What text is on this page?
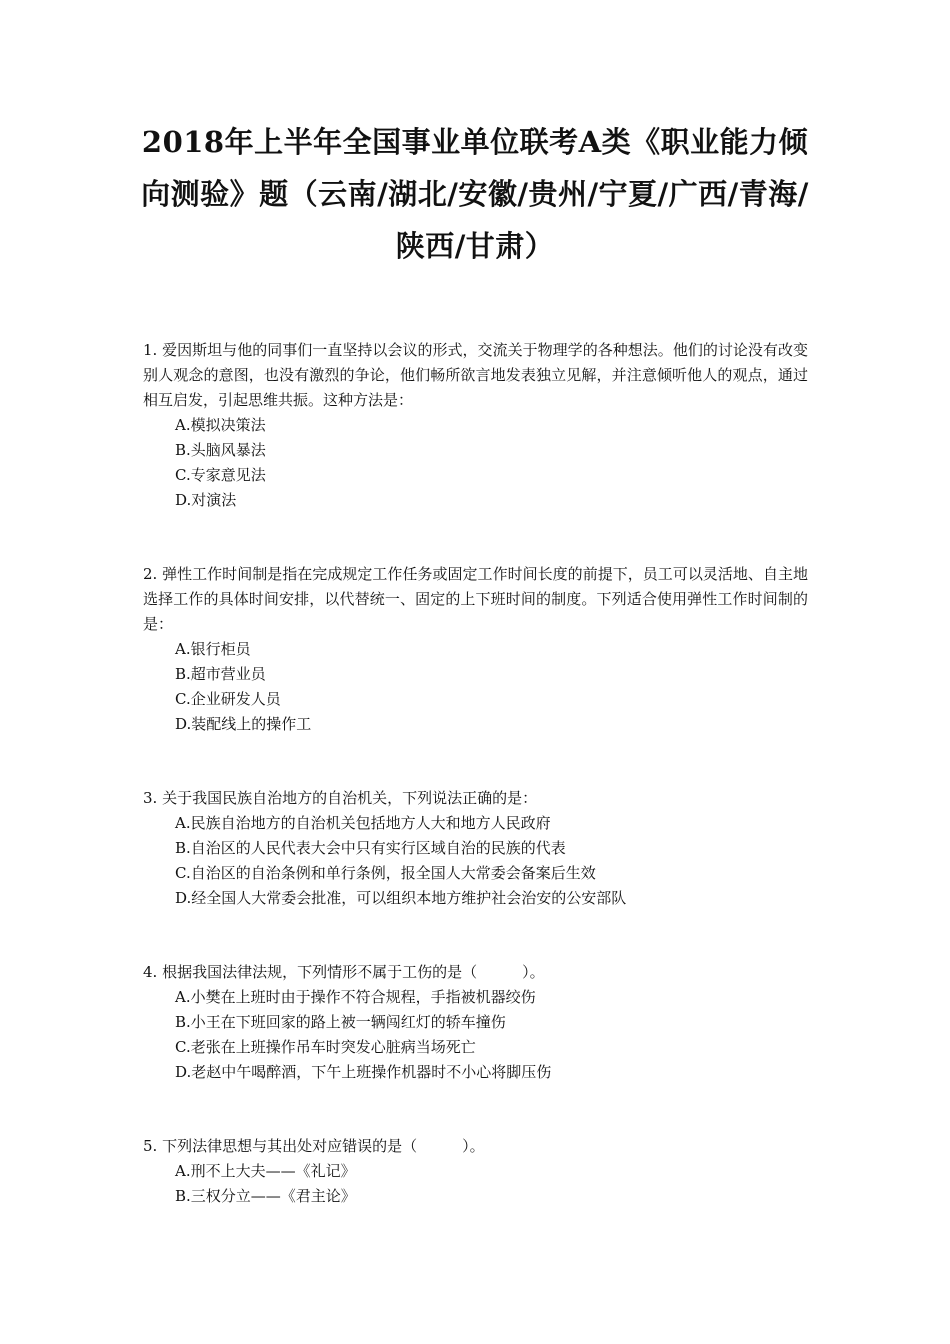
2018年上半年全国事业单位联考A类《职业能力倾向测验》题（云南/湖北/安徽/贵州/宁夏/广西/青海/陕西/甘肃）

1. 爱因斯坦与他的同事们一直坚持以会议的形式，交流关于物理学的各种想法。他们的讨论没有改变别人观念的意图，也没有激烈的争论，他们畅所欲言地发表独立见解，并注意倾听他人的观点，通过相互启发，引起思维共振。这种方法是：

A.模拟决策法

B.头脑风暴法

C.专家意见法

D.对演法

2. 弹性工作时间制是指在完成规定工作任务或固定工作时间长度的前提下，员工可以灵活地、自主地选择工作的具体时间安排，以代替统一、固定的上下班时间的制度。下列适合使用弹性工作时间制的是：

A.银行柜员

B.超市营业员

C.企业研发人员

D.装配线上的操作工

3. 关于我国民族自治地方的自治机关，下列说法正确的是：

A.民族自治地方的自治机关包括地方人大和地方人民政府

B.自治区的人民代表大会中只有实行区域自治的民族的代表

C.自治区的自治条例和单行条例，报全国人大常委会备案后生效

D.经全国人大常委会批准，可以组织本地方维护社会治安的公安部队

4. 根据我国法律法规，下列情形不属于工伤的是（　　　）。

A.小樊在上班时由于操作不符合规程，手指被机器绞伤

B.小王在下班回家的路上被一辆闯红灯的轿车撞伤

C.老张在上班操作吊车时突发心脏病当场死亡

D.老赵中午喝醉酒，下午上班操作机器时不小心将脚压伤

5. 下列法律思想与其出处对应错误的是（　　　）。

A.刑不上大夫——《礼记》

B.三权分立——《君主论》
